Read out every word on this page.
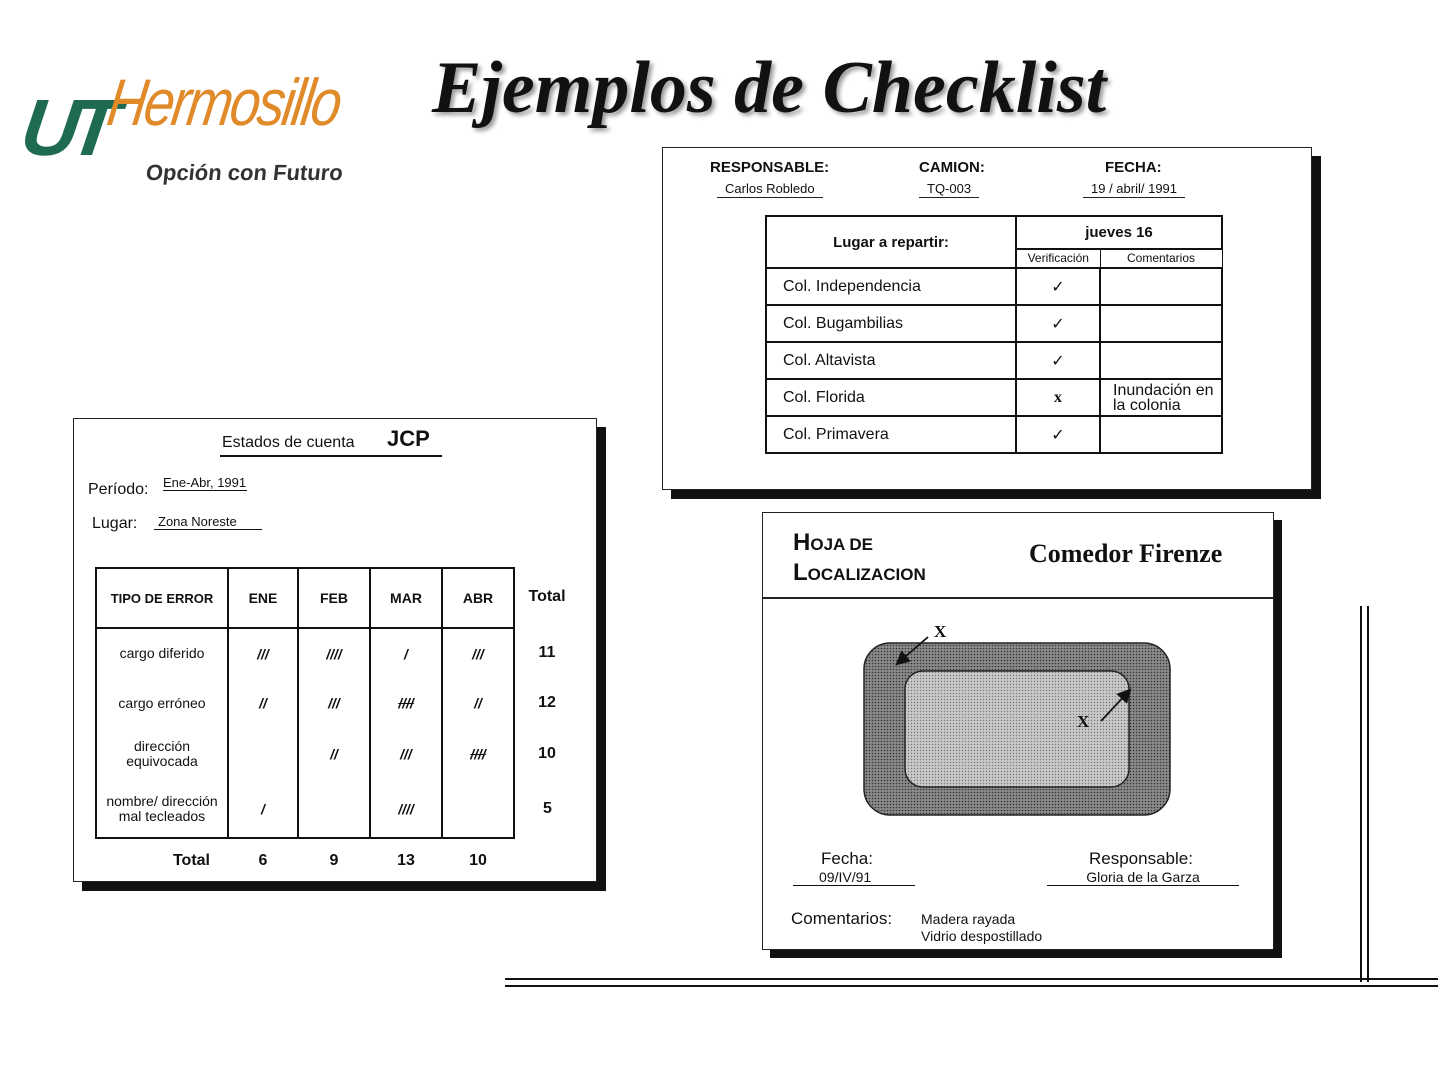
UT
Hermosillo
Opción con Futuro
Ejemplos de Checklist
RESPONSABLE:
Carlos Robledo
CAMION:
TQ-003
FECHA:
19 / abril/ 1991
Lugar a repartir:	jueves 16	
	Verificación	Comentarios
Col. Independencia	✓	
Col. Bugambilias	✓	
Col. Altavista	✓	
Col. Florida	x	Inundación en la colonia
Col. Primavera	✓	
Estados de cuenta JCP
Período: Ene-Abr, 1991
Lugar:	Zona Noreste
TIPO DE ERROR	ENE	FEB	MAR	ABR	Total
cargo diferido	///	////	/	///	11
cargo erróneo	//	///	////	//	12
dirección equivocada		//	///	////	10
nombre/ dirección mal tecleados	/		////		5
Total	6	9	13	10	
HOJA DE
LOCALIZACION
Comedor Firenze
X
X
Fecha:
09/IV/91
Responsable:
Gloria de la Garza
Comentarios: Madera rayada
Vidrio despostillado
